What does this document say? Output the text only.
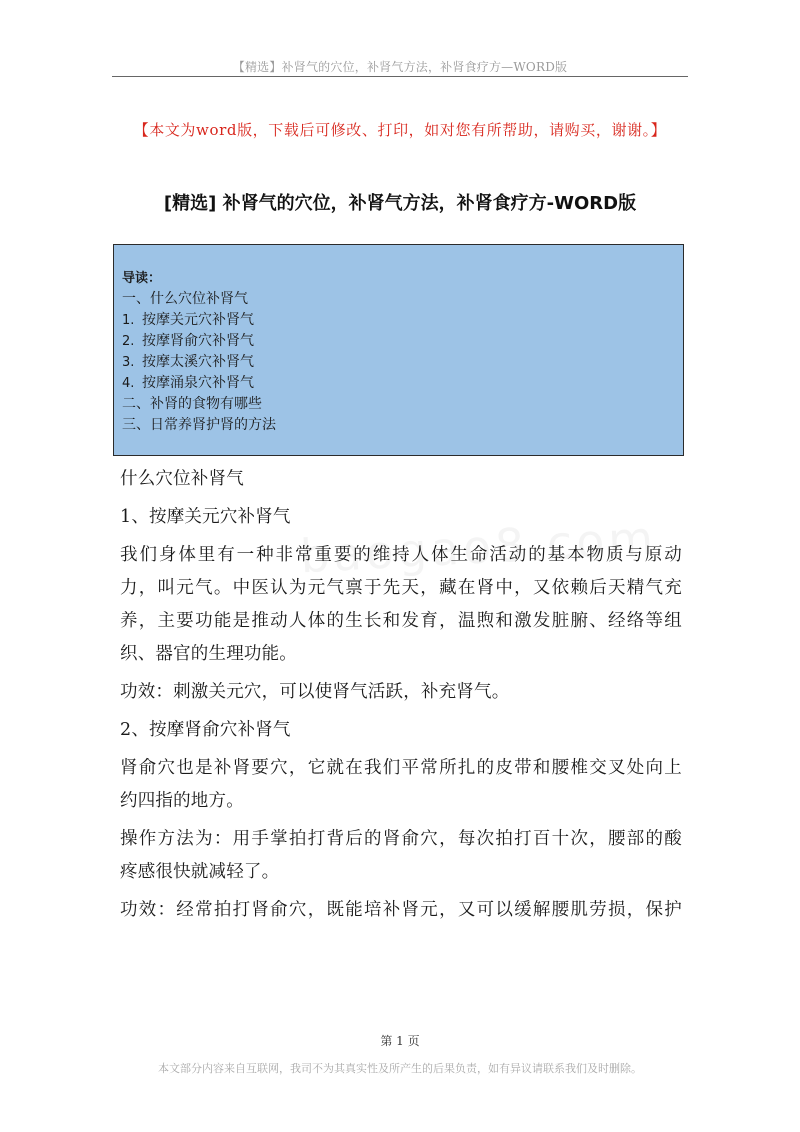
【精选】补肾气的穴位，补肾气方法，补肾食疗方—WORD版
【本文为word版，下载后可修改、打印，如对您有所帮助，请购买，谢谢。】
[精选] 补肾气的穴位，补肾气方法，补肾食疗方-WORD版
导读：
一、什么穴位补肾气
1. 按摩关元穴补肾气
2. 按摩肾俞穴补肾气
3. 按摩太溪穴补肾气
4. 按摩涌泉穴补肾气
二、补肾的食物有哪些
三、日常养肾护肾的方法
什么穴位补肾气
1、按摩关元穴补肾气
我们身体里有一种非常重要的维持人体生命活动的基本物质与原动
力，叫元气。中医认为元气禀于先天，藏在肾中，又依赖后天精气充
养，主要功能是推动人体的生长和发育，温煦和激发脏腑、经络等组
织、器官的生理功能。
功效：刺激关元穴，可以使肾气活跃，补充肾气。
2、按摩肾俞穴补肾气
肾俞穴也是补肾要穴，它就在我们平常所扎的皮带和腰椎交叉处向上
约四指的地方。
操作方法为：用手掌拍打背后的肾俞穴，每次拍打百十次，腰部的酸
疼感很快就减轻了。
功效：经常拍打肾俞穴，既能培补肾元，又可以缓解腰肌劳损，保护
第 1 页
本文部分内容来自互联网，我司不为其真实性及所产生的后果负责，如有异议请联系我们及时删除。
